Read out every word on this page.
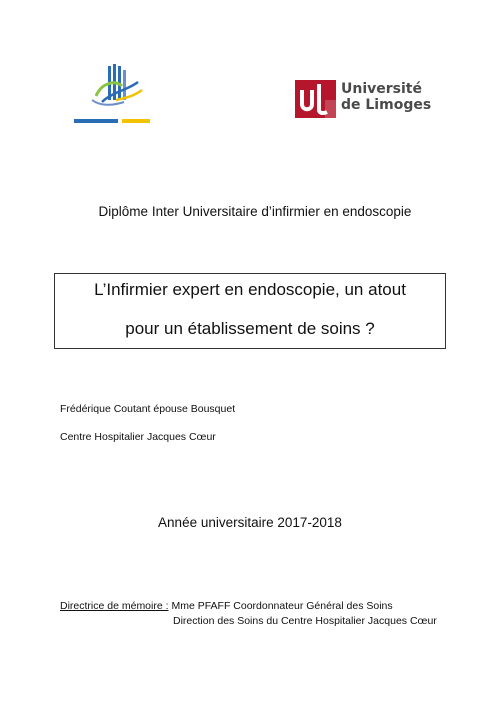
Université
de Limoges
Diplôme Inter Universitaire d’infirmier en endoscopie
L’Infirmier expert en endoscopie, un atout
pour un établissement de soins ?
Frédérique Coutant épouse Bousquet
Centre Hospitalier Jacques Cœur
Année universitaire 2017-2018
Directrice de mémoire : Mme PFAFF Coordonnateur Général des Soins
Direction des Soins du Centre Hospitalier Jacques Cœur
